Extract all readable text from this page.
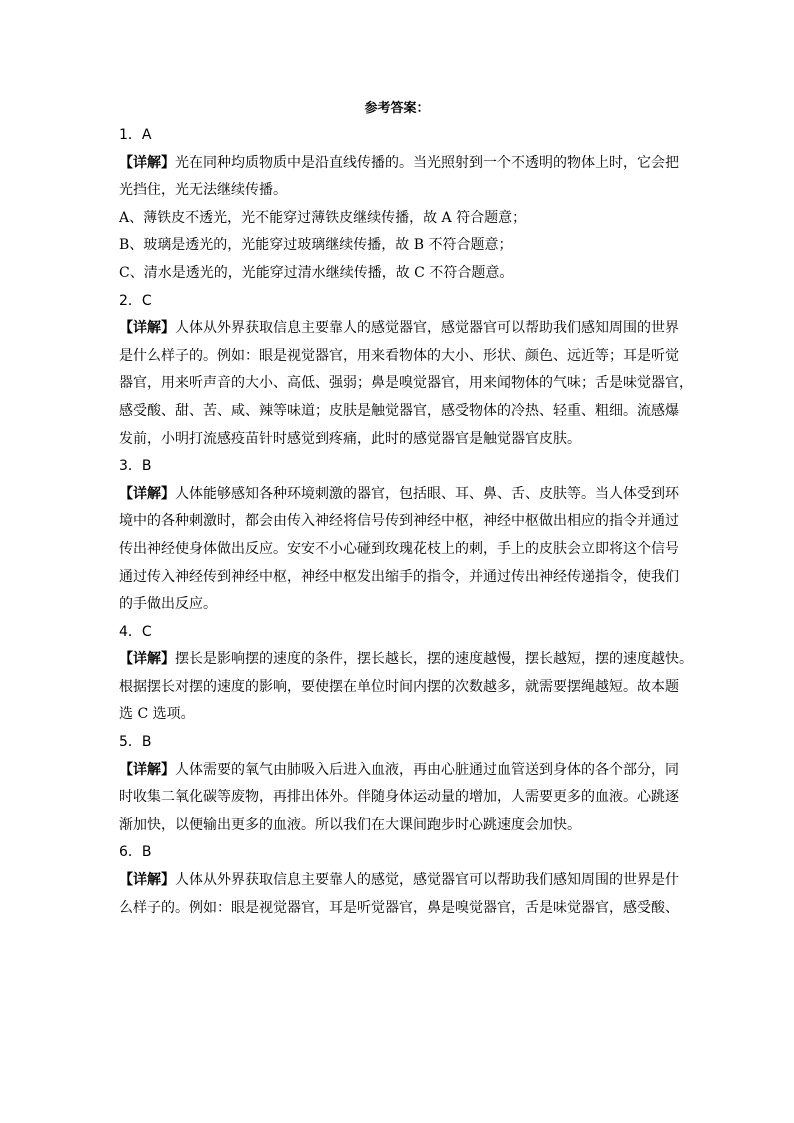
参考答案：
1．A
【详解】光在同种均质物质中是沿直线传播的。当光照射到一个不透明的物体上时，它会把
光挡住，光无法继续传播。
A、薄铁皮不透光，光不能穿过薄铁皮继续传播，故 A 符合题意；
B、玻璃是透光的，光能穿过玻璃继续传播，故 B 不符合题意；
C、清水是透光的，光能穿过清水继续传播，故 C 不符合题意。
2．C
【详解】人体从外界获取信息主要靠人的感觉器官，感觉器官可以帮助我们感知周围的世界
是什么样子的。例如：眼是视觉器官，用来看物体的大小、形状、颜色、远近等；耳是听觉
器官，用来听声音的大小、高低、强弱；鼻是嗅觉器官，用来闻物体的气味；舌是味觉器官，
感受酸、甜、苦、咸、辣等味道；皮肤是触觉器官，感受物体的冷热、轻重、粗细。流感爆
发前，小明打流感疫苗针时感觉到疼痛，此时的感觉器官是触觉器官皮肤。
3．B
【详解】人体能够感知各种环境刺激的器官，包括眼、耳、鼻、舌、皮肤等。当人体受到环
境中的各种刺激时，都会由传入神经将信号传到神经中枢，神经中枢做出相应的指令并通过
传出神经使身体做出反应。安安不小心碰到玫瑰花枝上的刺，手上的皮肤会立即将这个信号
通过传入神经传到神经中枢，神经中枢发出缩手的指令，并通过传出神经传递指令，使我们
的手做出反应。
4．C
【详解】摆长是影响摆的速度的条件，摆长越长，摆的速度越慢，摆长越短，摆的速度越快。
根据摆长对摆的速度的影响，要使摆在单位时间内摆的次数越多，就需要摆绳越短。故本题
选 C 选项。
5．B
【详解】人体需要的氧气由肺吸入后进入血液，再由心脏通过血管送到身体的各个部分，同
时收集二氧化碳等废物，再排出体外。伴随身体运动量的增加，人需要更多的血液。心跳逐
渐加快，以便输出更多的血液。所以我们在大课间跑步时心跳速度会加快。
6．B
【详解】人体从外界获取信息主要靠人的感觉，感觉器官可以帮助我们感知周围的世界是什
么样子的。例如：眼是视觉器官，耳是听觉器官，鼻是嗅觉器官，舌是味觉器官，感受酸、
